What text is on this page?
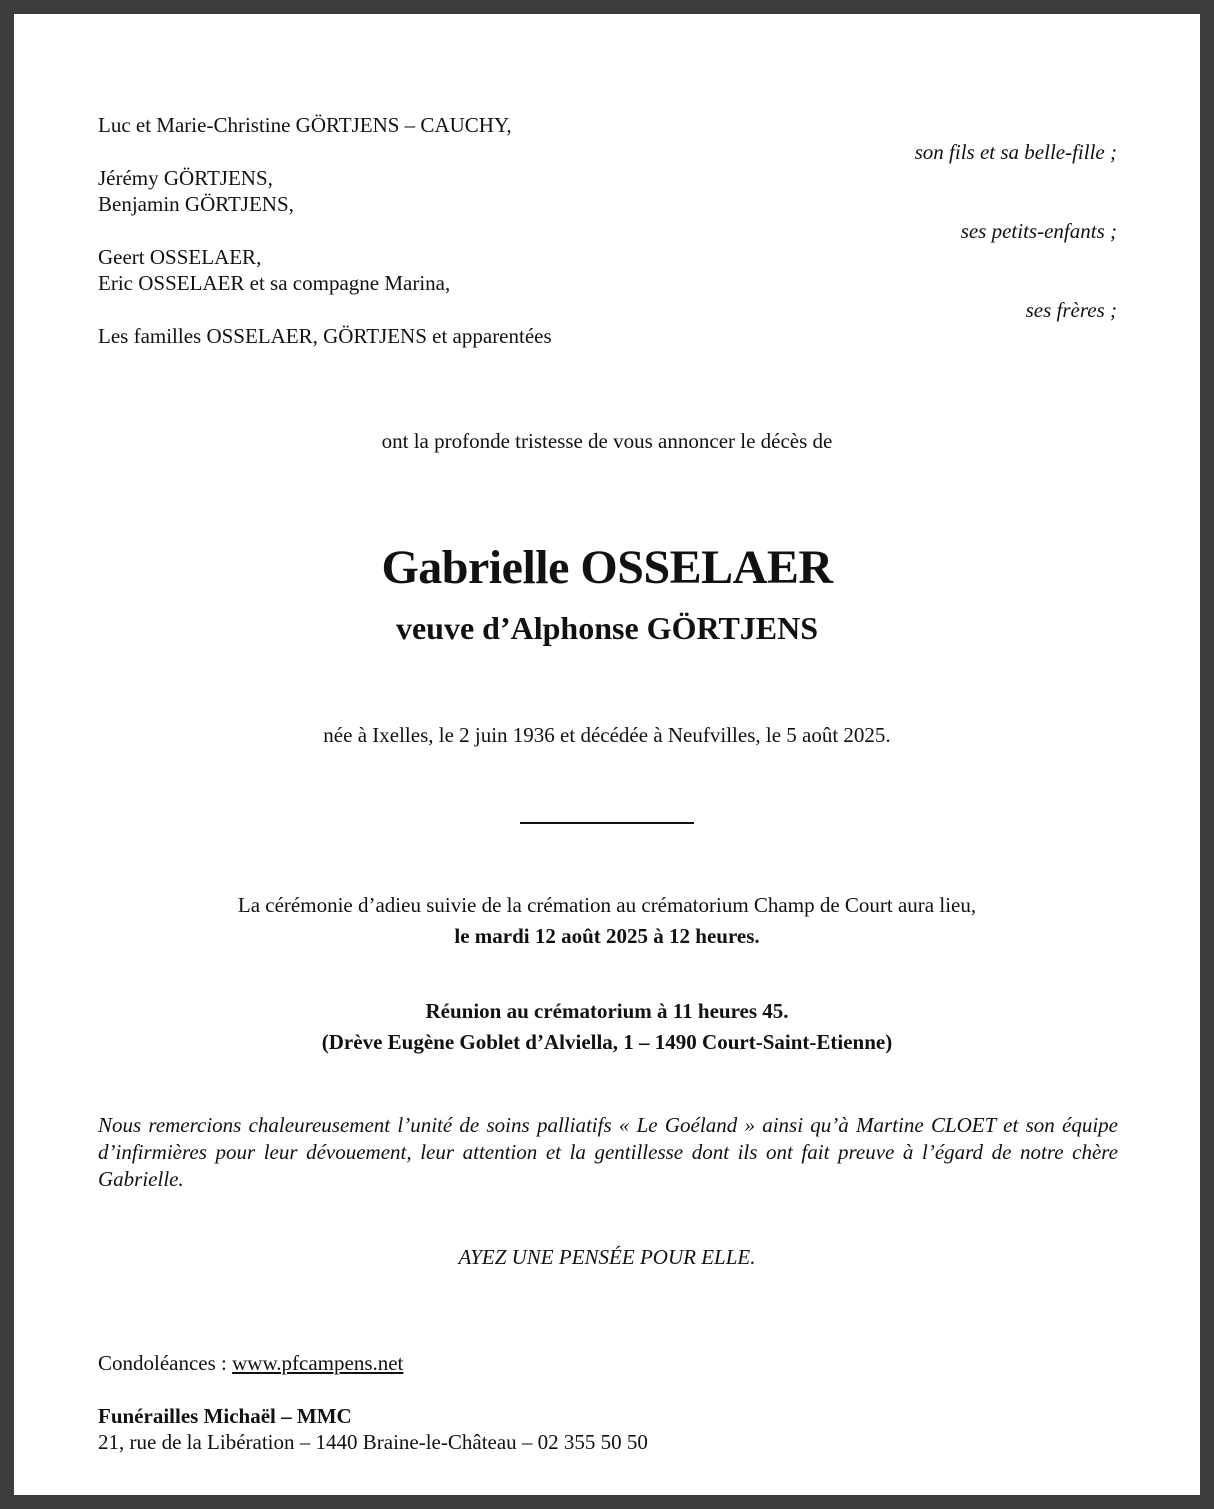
Luc et Marie-Christine GÖRTJENS – CAUCHY,
son fils et sa belle-fille ;
Jérémy GÖRTJENS,
Benjamin GÖRTJENS,
ses petits-enfants ;
Geert OSSELAER,
Eric OSSELAER et sa compagne Marina,
ses frères ;
Les familles OSSELAER, GÖRTJENS et apparentées
ont la profonde tristesse de vous annoncer le décès de
Gabrielle OSSELAER
veuve d’Alphonse GÖRTJENS
née à Ixelles, le 2 juin 1936 et décédée à Neufvilles, le 5 août 2025.
La cérémonie d’adieu suivie de la crémation au crématorium Champ de Court aura lieu,
le mardi 12 août 2025 à 12 heures.
Réunion au crématorium à 11 heures 45.
(Drève Eugène Goblet d’Alviella, 1 – 1490 Court-Saint-Etienne)
Nous remercions chaleureusement l’unité de soins palliatifs « Le Goéland » ainsi qu’à Martine CLOET et son équipe d’infirmières pour leur dévouement, leur attention et la gentillesse dont ils ont fait preuve à l’égard de notre chère Gabrielle.
AYEZ UNE PENSÉE POUR ELLE.
Condoléances : www.pfcampens.net
Funérailles Michaël – MMC
21, rue de la Libération – 1440 Braine-le-Château – 02 355 50 50
